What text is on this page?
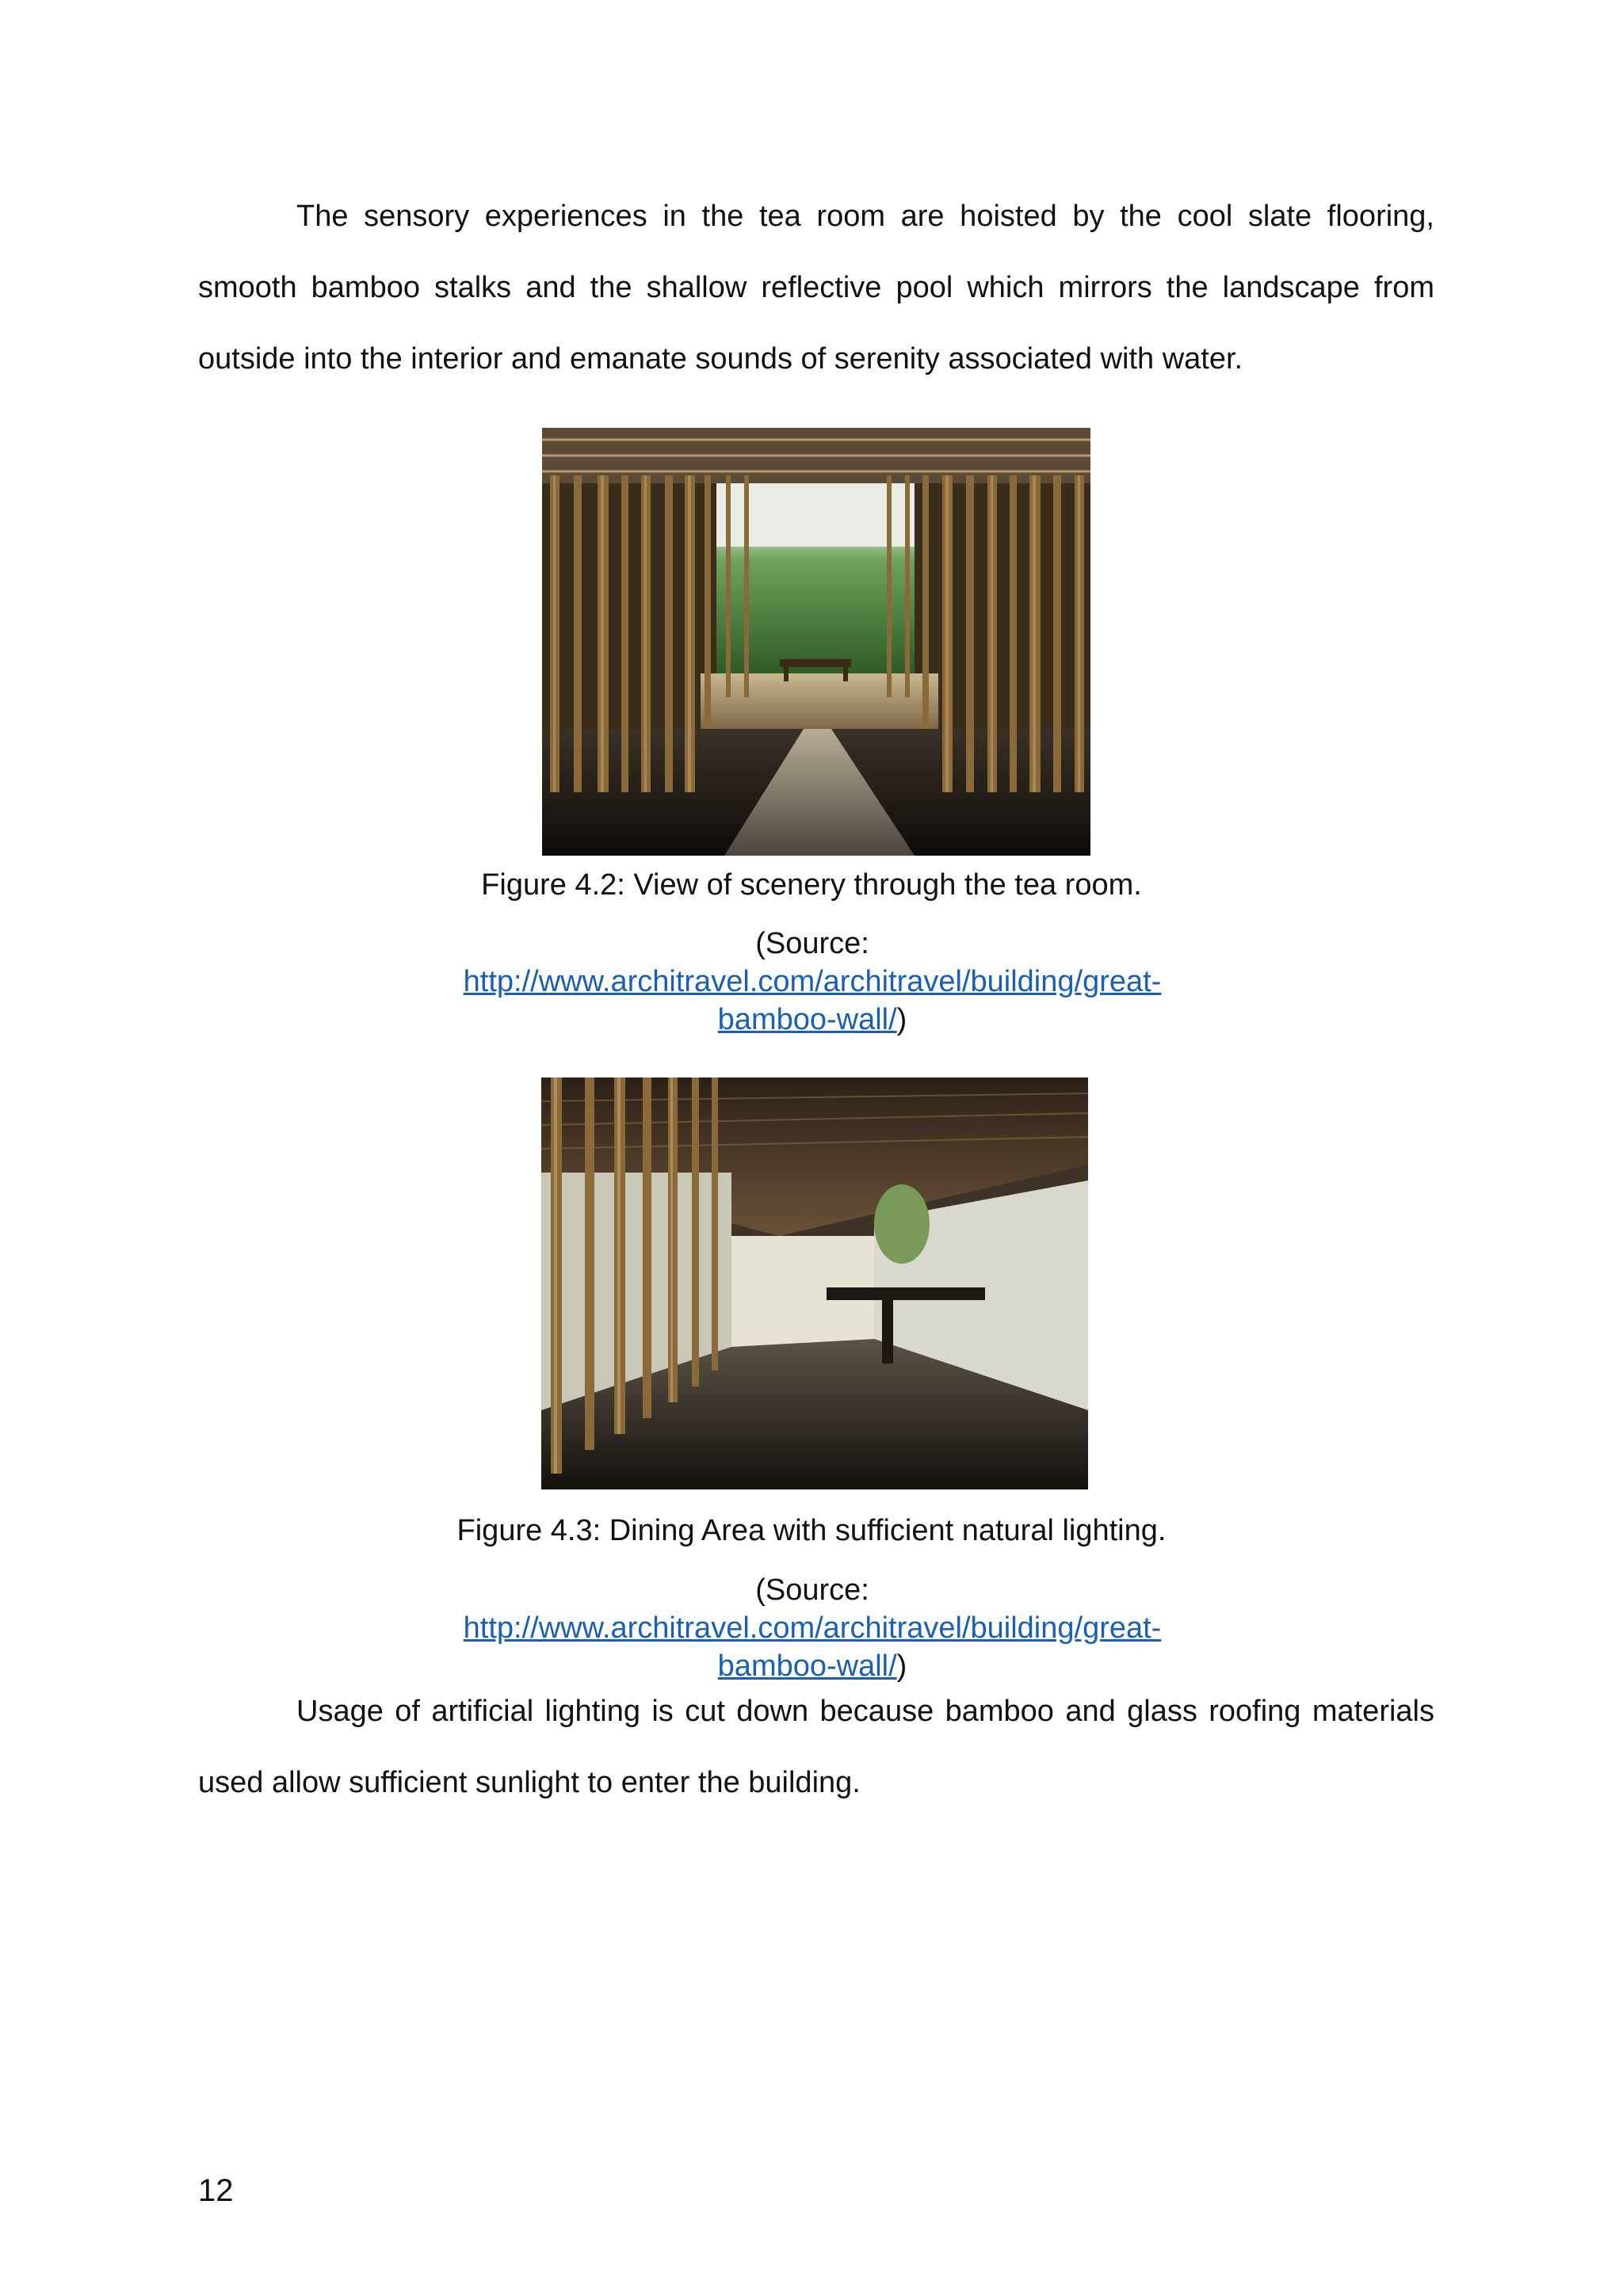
The sensory experiences in the tea room are hoisted by the cool slate flooring, smooth bamboo stalks and the shallow reflective pool which mirrors the landscape from outside into the interior and emanate sounds of serenity associated with water.

Figure 4.2: View of scenery through the tea room.

(Source: http://www.architravel.com/architravel/building/great-bamboo-wall/)

Figure 4.3: Dining Area with sufficient natural lighting.

(Source: http://www.architravel.com/architravel/building/great-bamboo-wall/)

Usage of artificial lighting is cut down because bamboo and glass roofing materials used allow sufficient sunlight to enter the building.

12
